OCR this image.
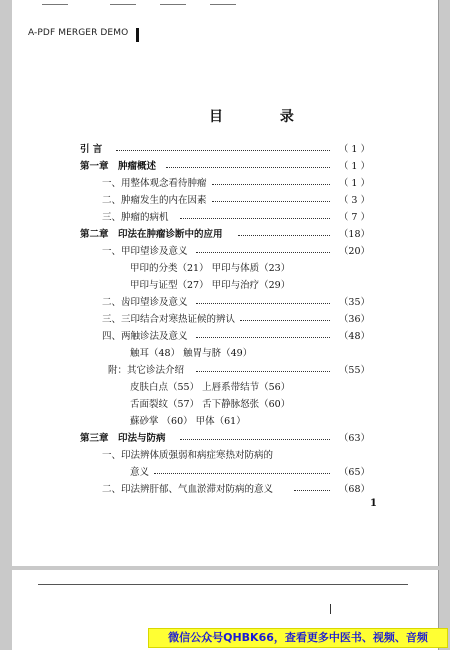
A-PDF MERGER DEMO
目 录
引 言	（ 1 ）
第一章 肿瘤概述	（ 1 ）
一、用整体观念看待肿瘤	（ 1 ）
二、肿瘤发生的内在因素	（ 3 ）
三、肿瘤的病机	（ 7 ）
第二章 印法在肿瘤诊断中的应用	（18）
一、甲印望诊及意义	（20）
甲印的分类（21） 甲印与体质（23）
甲印与证型（27） 甲印与治疗（29）
二、齿印望诊及意义	（35）
三、三印结合对寒热证候的辨认	（36）
四、两触诊法及意义	（48）
触耳（48） 触胃与脐（49）
附：其它诊法介绍	（55）
皮肤白点（55） 上唇系带结节（56）
舌面裂纹（57） 舌下静脉怒张（60）
蘇砂掌 （60） 甲体（61）
第三章 印法与防病	（63）
一、印法辨体质强弱和病症寒热对防病的
意义	（65）
二、印法辨肝郁、气血淤滞对防病的意义	（68）
1
微信公众号QHBK66，查看更多中医书、视频、音频
